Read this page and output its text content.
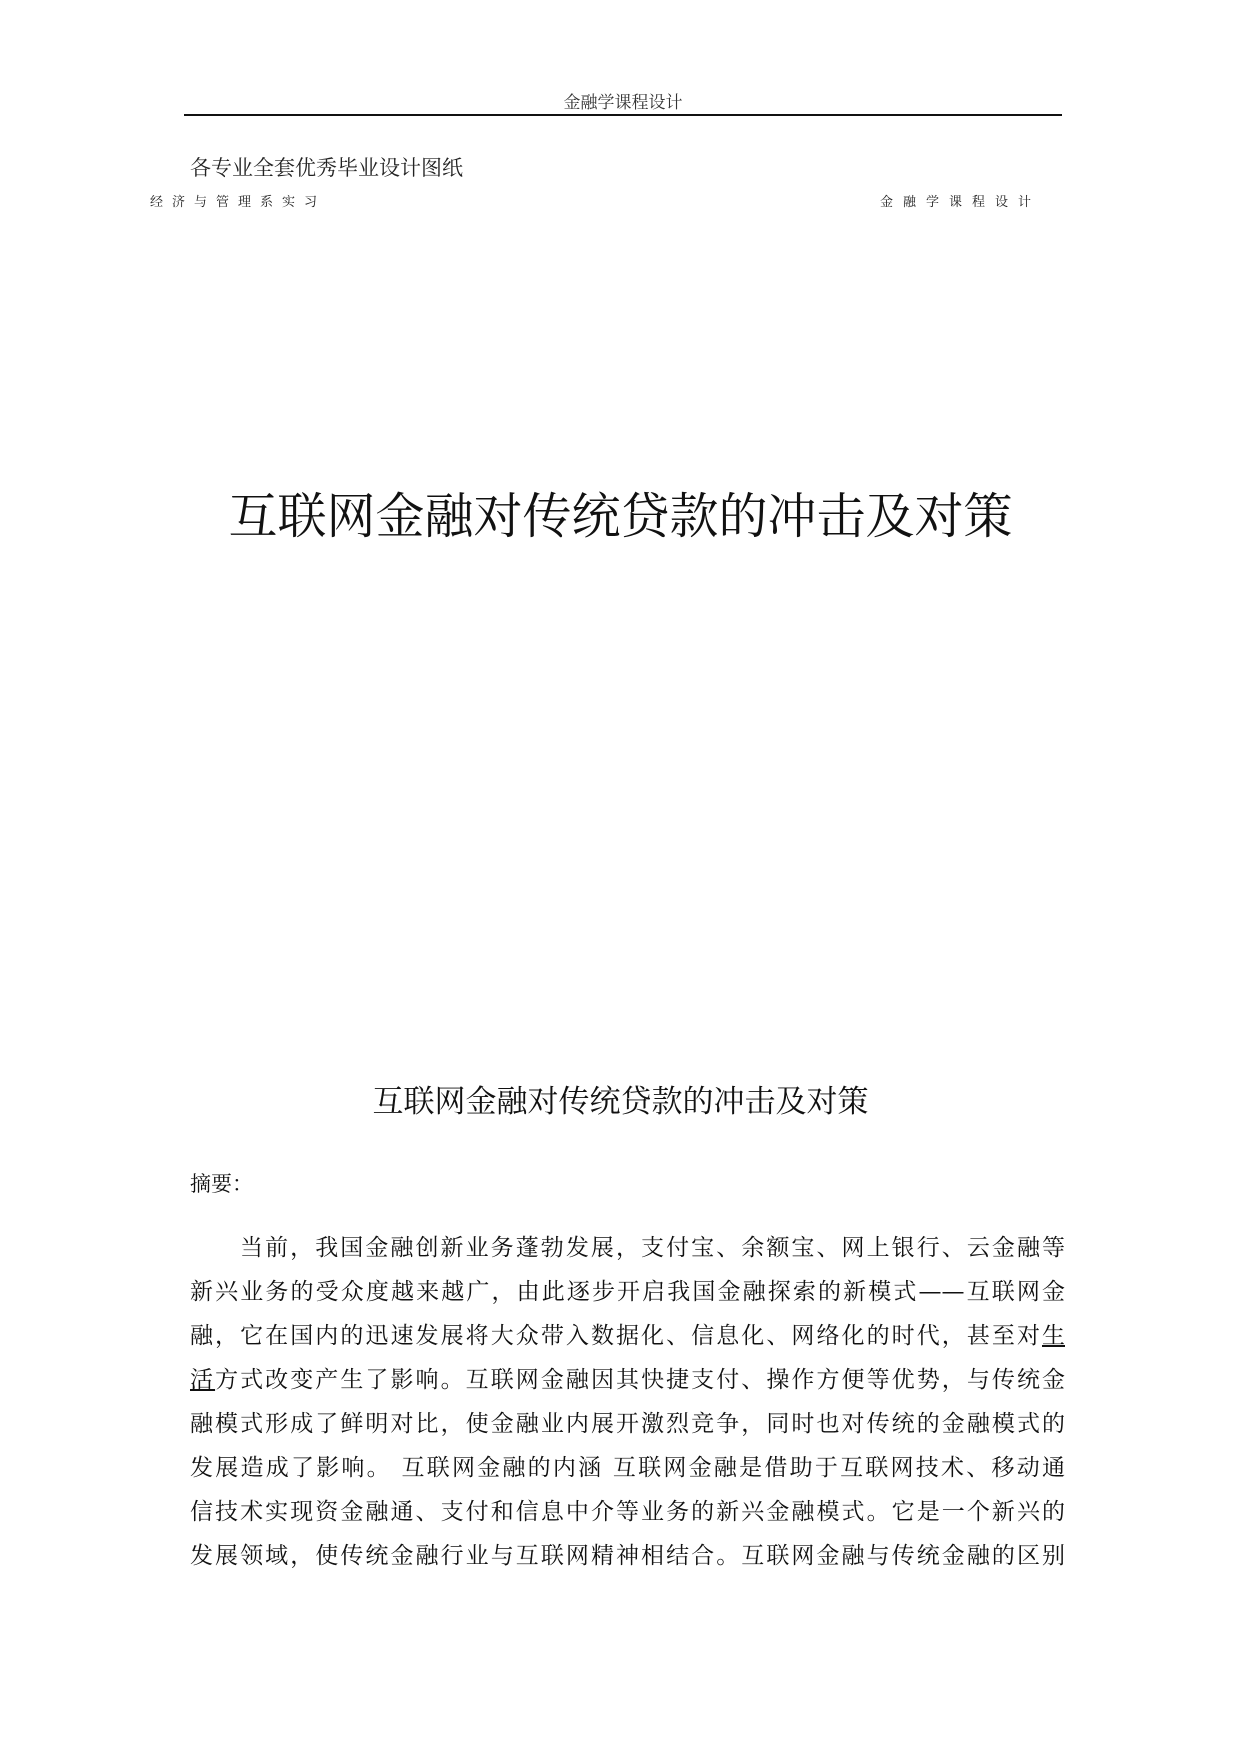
金融学课程设计
各专业全套优秀毕业设计图纸
经济与管理系实习	金融学课程设计
互联网金融对传统贷款的冲击及对策
互联网金融对传统贷款的冲击及对策
摘要：
当前，我国金融创新业务蓬勃发展，支付宝、余额宝、网上银行、云金融等
新兴业务的受众度越来越广，由此逐步开启我国金融探索的新模式——互联网金
融，它在国内的迅速发展将大众带入数据化、信息化、网络化的时代，甚至对生
活方式改变产生了影响。互联网金融因其快捷支付、操作方便等优势，与传统金
融模式形成了鲜明对比，使金融业内展开激烈竞争，同时也对传统的金融模式的
发展造成了影响。 互联网金融的内涵 互联网金融是借助于互联网技术、移动通
信技术实现资金融通、支付和信息中介等业务的新兴金融模式。它是一个新兴的
发展领域，使传统金融行业与互联网精神相结合。互联网金融与传统金融的区别
